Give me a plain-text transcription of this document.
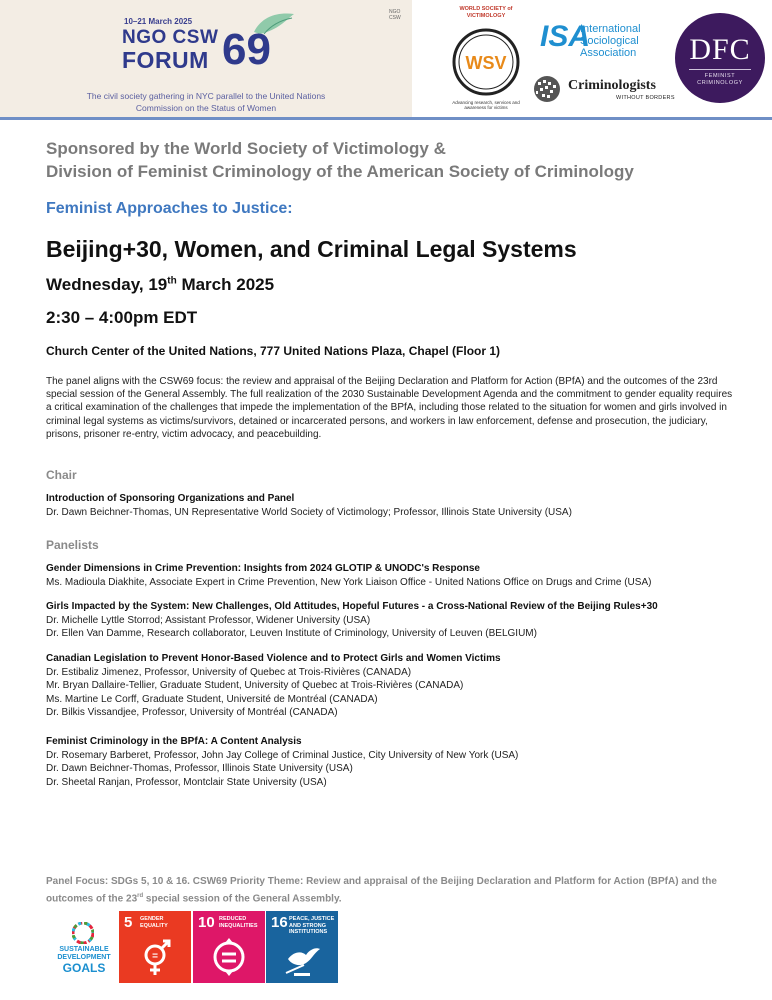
10–21 March 2025
NGO CSW
FORUM 69
NGO CSW
The civil society gathering in NYC parallel to the United Nations
Commission on the Status of Women
WORLD SOCIETY of
VICTIMOLOGY
WSV
Advancing research, services and
awareness for victims
ISA
International
Sociological
Association
Criminologists
WITHOUT BORDERS
DFC
FEMINIST
CRIMINOLOGY
Sponsored by the World Society of Victimology &
Division of Feminist Criminology of the American Society of Criminology
Feminist Approaches to Justice:
Beijing+30, Women, and Criminal Legal Systems
Wednesday, 19th March 2025
2:30 – 4:00pm EDT
Church Center of the United Nations, 777 United Nations Plaza, Chapel (Floor 1)
The panel aligns with the CSW69 focus: the review and appraisal of the Beijing Declaration and Platform for Action (BPfA) and the outcomes of the 23rd special session of the General Assembly. The full realization of the 2030 Sustainable Development Agenda and the commitment to gender equality requires a critical examination of the challenges that impede the implementation of the BPfA, including those related to the situation for women and girls involved in criminal legal systems as victims/survivors, detained or incarcerated persons, and workers in law enforcement, defense and prosecution, the judiciary, prisons, prisoner re-entry, victim advocacy, and peacebuilding.
Chair
Introduction of Sponsoring Organizations and Panel
Dr. Dawn Beichner-Thomas, UN Representative World Society of Victimology; Professor, Illinois State University (USA)
Panelists
Gender Dimensions in Crime Prevention: Insights from 2024 GLOTIP & UNODC's Response
Ms. Madioula Diakhite, Associate Expert in Crime Prevention, New York Liaison Office - United Nations Office on Drugs and Crime (USA)
Girls Impacted by the System: New Challenges, Old Attitudes, Hopeful Futures - a Cross-National Review of the Beijing Rules+30
Dr. Michelle Lyttle Storrod; Assistant Professor, Widener University (USA)
Dr. Ellen Van Damme, Research collaborator, Leuven Institute of Criminology, University of Leuven (BELGIUM)
Canadian Legislation to Prevent Honor-Based Violence and to Protect Girls and Women Victims
Dr. Estibaliz Jimenez, Professor, University of Quebec at Trois-Rivières (CANADA)
Mr. Bryan Dallaire-Tellier, Graduate Student, University of Quebec at Trois-Rivières (CANADA)
Ms. Martine Le Corff, Graduate Student, Université de Montréal (CANADA)
Dr. Bilkis Vissandjee, Professor, University of Montréal (CANADA)
Feminist Criminology in the BPfA: A Content Analysis
Dr. Rosemary Barberet, Professor, John Jay College of Criminal Justice, City University of New York (USA)
Dr. Dawn Beichner-Thomas, Professor, Illinois State University (USA)
Dr. Sheetal Ranjan, Professor, Montclair State University (USA)
Panel Focus: SDGs 5, 10 & 16. CSW69 Priority Theme: Review and appraisal of the Beijing Declaration and Platform for Action (BPfA) and the outcomes of the 23rd special session of the General Assembly.
SUSTAINABLE
DEVELOPMENT
GOALS
5 GENDER
EQUALITY
=
10 REDUCED
INEQUALITIES 16 PEACE, JUSTICE
AND STRONG
INSTITUTIONS
